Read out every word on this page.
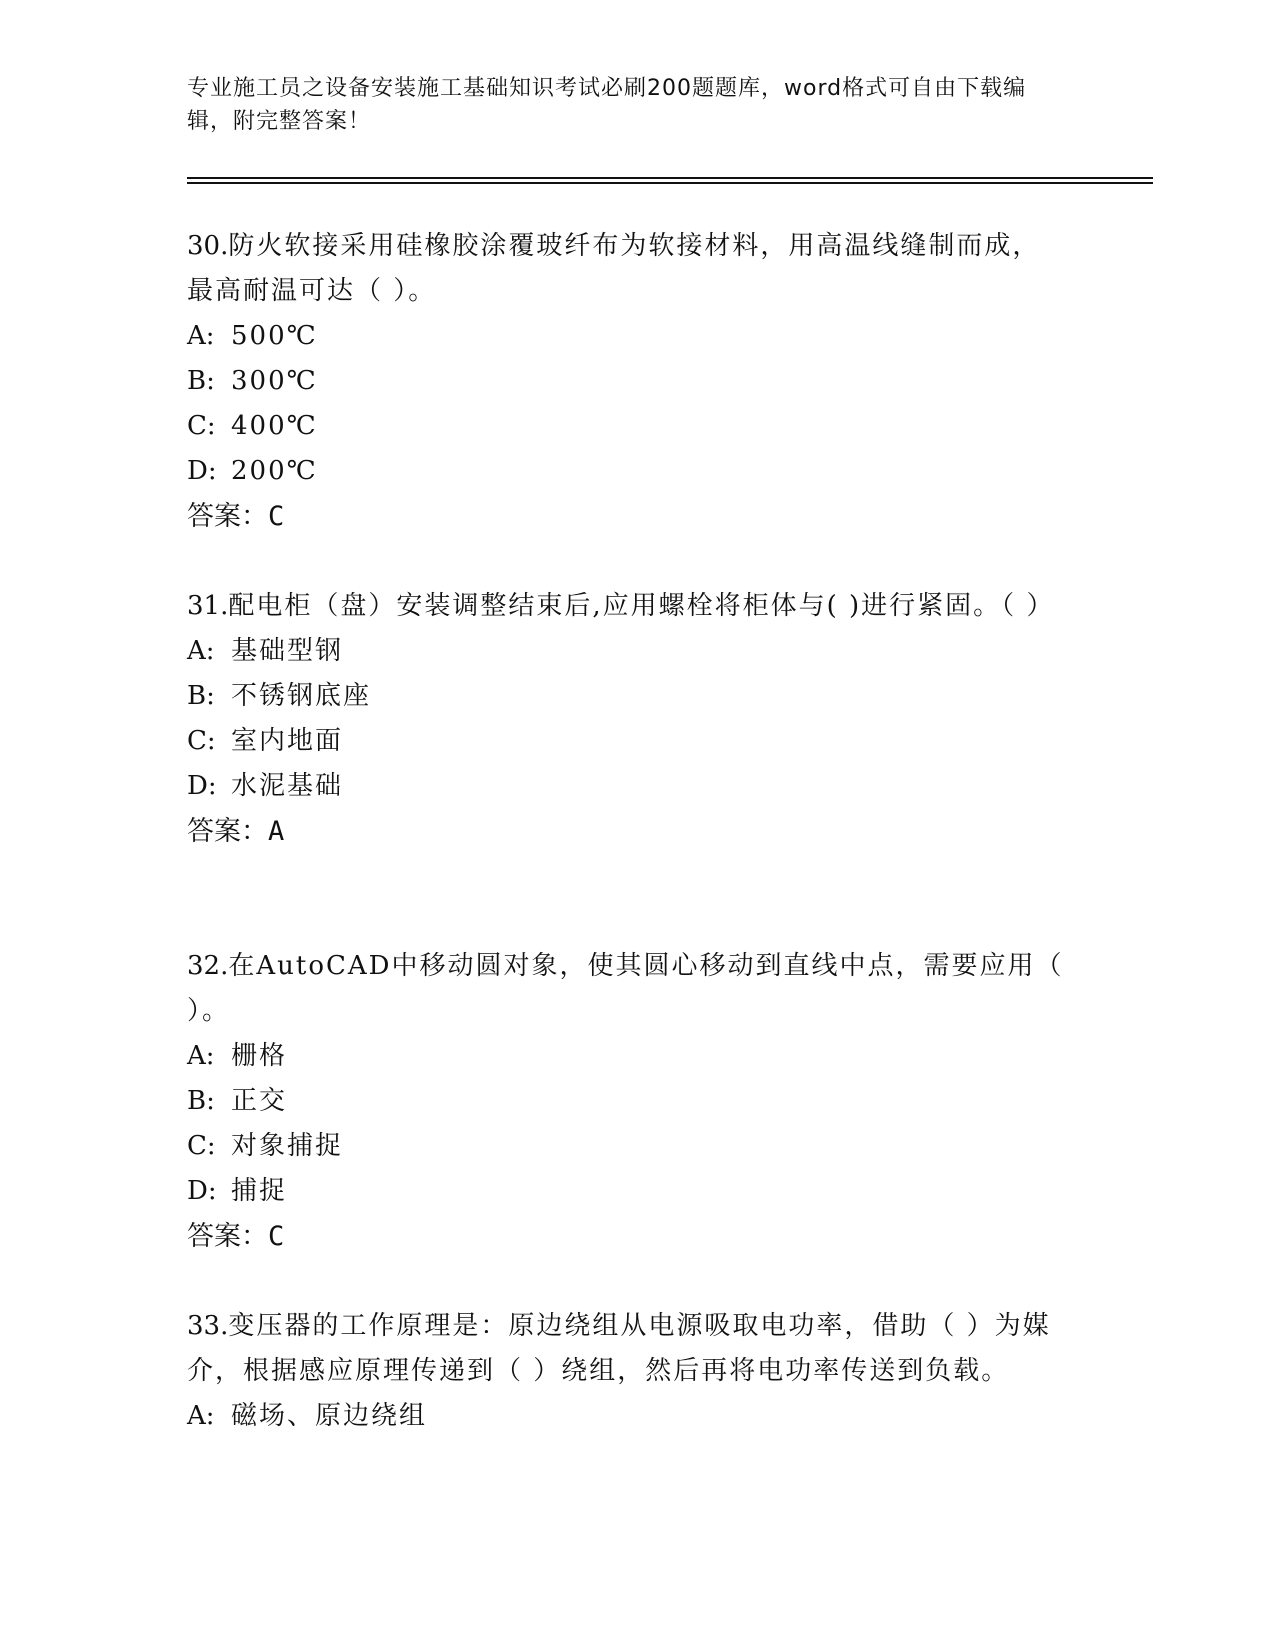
专业施工员之设备安装施工基础知识考试必刷200题题库，word格式可自由下载编辑，附完整答案！

30.防火软接采用硅橡胶涂覆玻纤布为软接材料，用高温线缝制而成，最高耐温可达（ ）。

A: 500℃

B: 300℃

C: 400℃

D: 200℃

答案：C

31.配电柜（盘）安装调整结束后,应用螺栓将柜体与( )进行紧固。（ ）

A: 基础型钢

B: 不锈钢底座

C: 室内地面

D: 水泥基础

答案：A

32.在AutoCAD中移动圆对象，使其圆心移动到直线中点，需要应用（ ）。

A: 栅格

B: 正交

C: 对象捕捉

D: 捕捉

答案：C

33.变压器的工作原理是：原边绕组从电源吸取电功率，借助（ ）为媒介，根据感应原理传递到（ ）绕组，然后再将电功率传送到负载。

A: 磁场、原边绕组
